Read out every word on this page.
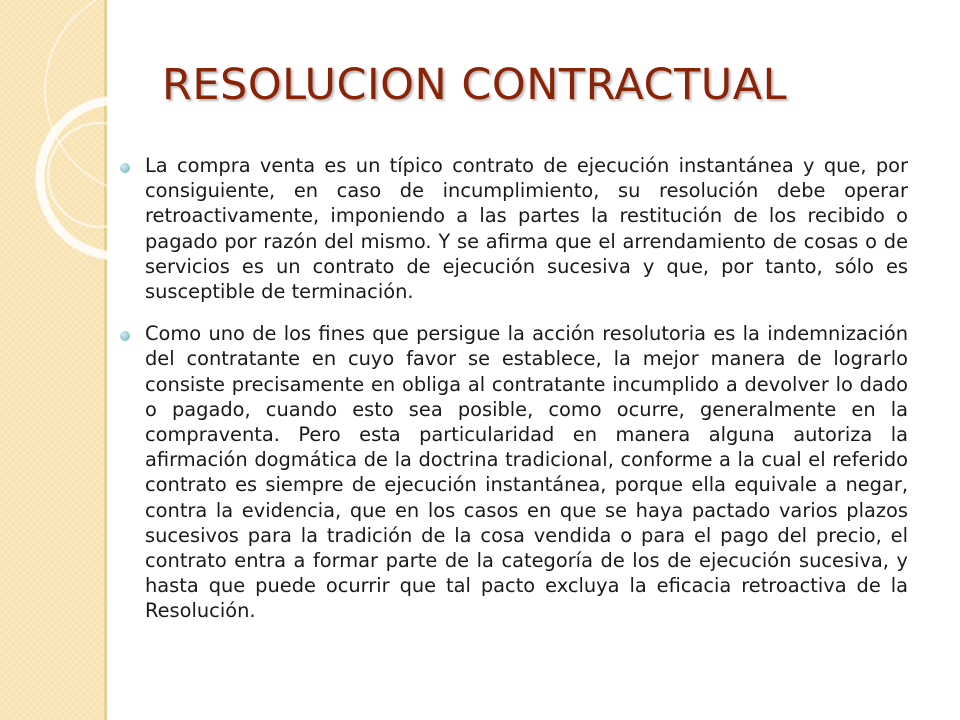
RESOLUCION CONTRACTUAL
La compra venta es un típico contrato de ejecución instantánea y que, por consiguiente, en caso de incumplimiento, su resolución debe operar retroactivamente, imponiendo a las partes la restitución de los recibido o pagado por razón del mismo. Y se afirma que el arrendamiento de cosas o de servicios es un contrato de ejecución sucesiva y que, por tanto, sólo es susceptible de terminación.
Como uno de los fines que persigue la acción resolutoria es la indemnización del contratante en cuyo favor se establece, la mejor manera de lograrlo consiste precisamente en obliga al contratante incumplido a devolver lo dado o pagado, cuando esto sea posible, como ocurre, generalmente en la compraventa. Pero esta particularidad en manera alguna autoriza la afirmación dogmática de la doctrina tradicional, conforme a la cual el referido contrato es siempre de ejecución instantánea, porque ella equivale a negar, contra la evidencia, que en los casos en que se haya pactado varios plazos sucesivos para la tradición de la cosa vendida o para el pago del precio, el contrato entra a formar parte de la categoría de los de ejecución sucesiva, y hasta que puede ocurrir que tal pacto excluya la eficacia retroactiva de la Resolución.
